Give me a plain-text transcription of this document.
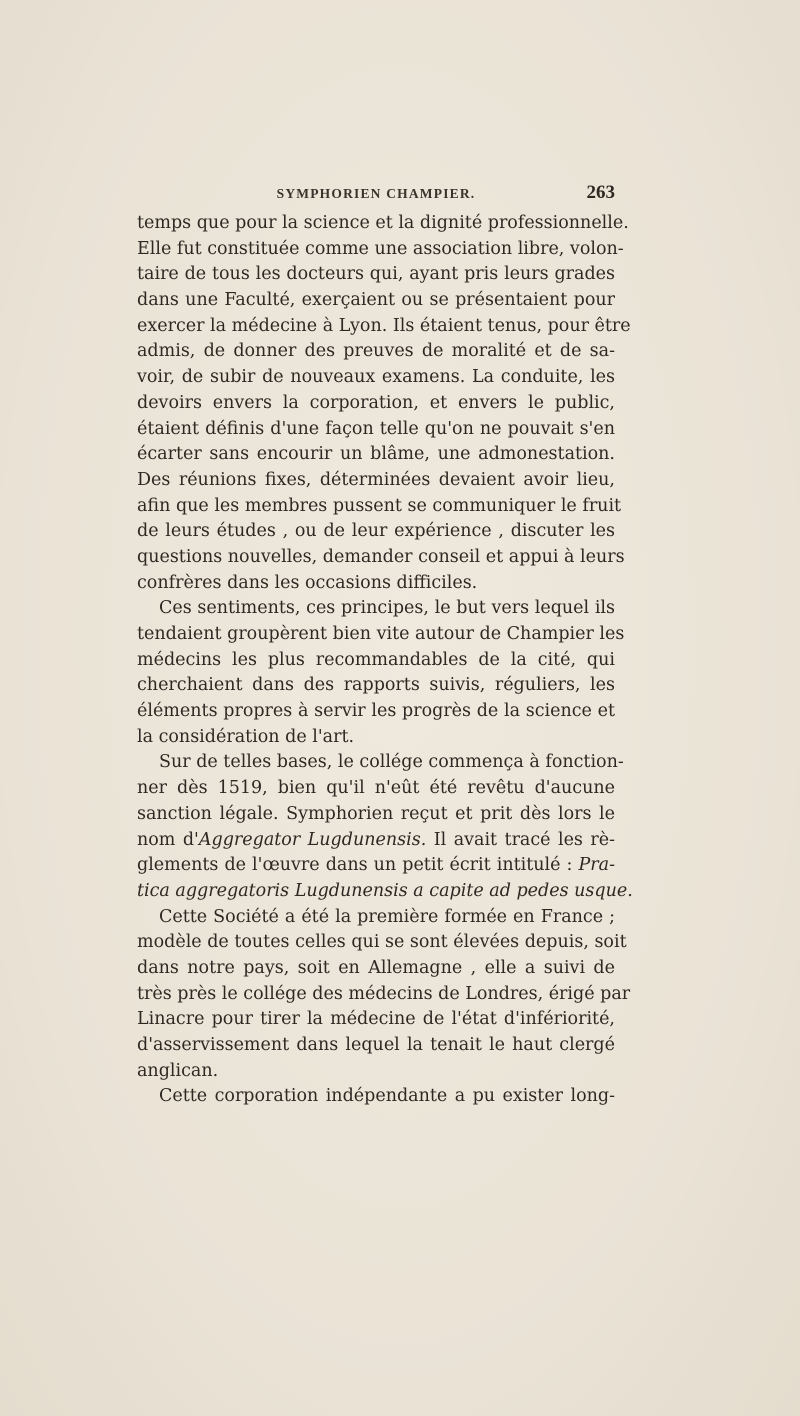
SYMPHORIEN CHAMPIER.	263
temps que pour la science et la dignité professionnelle.
Elle fut constituée comme une association libre, volon-
taire de tous les docteurs qui, ayant pris leurs grades
dans une Faculté, exerçaient ou se présentaient pour
exercer la médecine à Lyon. Ils étaient tenus, pour être
admis, de donner des preuves de moralité et de sa-
voir, de subir de nouveaux examens. La conduite, les
devoirs envers la corporation, et envers le public,
étaient définis d'une façon telle qu'on ne pouvait s'en
écarter sans encourir un blâme, une admonestation.
Des réunions fixes, déterminées devaient avoir lieu,
afin que les membres pussent se communiquer le fruit
de leurs études , ou de leur expérience , discuter les
questions nouvelles, demander conseil et appui à leurs
confrères dans les occasions difficiles.
Ces sentiments, ces principes, le but vers lequel ils
tendaient groupèrent bien vite autour de Champier les
médecins les plus recommandables de la cité, qui
cherchaient dans des rapports suivis, réguliers, les
éléments propres à servir les progrès de la science et
la considération de l'art.
Sur de telles bases, le collége commença à fonction-
ner dès 1519, bien qu'il n'eût été revêtu d'aucune
sanction légale. Symphorien reçut et prit dès lors le
nom d'Aggregator Lugdunensis. Il avait tracé les rè-
glements de l'œuvre dans un petit écrit intitulé : Pra-
tica aggregatoris Lugdunensis a capite ad pedes usque.
Cette Société a été la première formée en France ;
modèle de toutes celles qui se sont élevées depuis, soit
dans notre pays, soit en Allemagne , elle a suivi de
très près le collége des médecins de Londres, érigé par
Linacre pour tirer la médecine de l'état d'infériorité,
d'asservissement dans lequel la tenait le haut clergé
anglican.
Cette corporation indépendante a pu exister long-
